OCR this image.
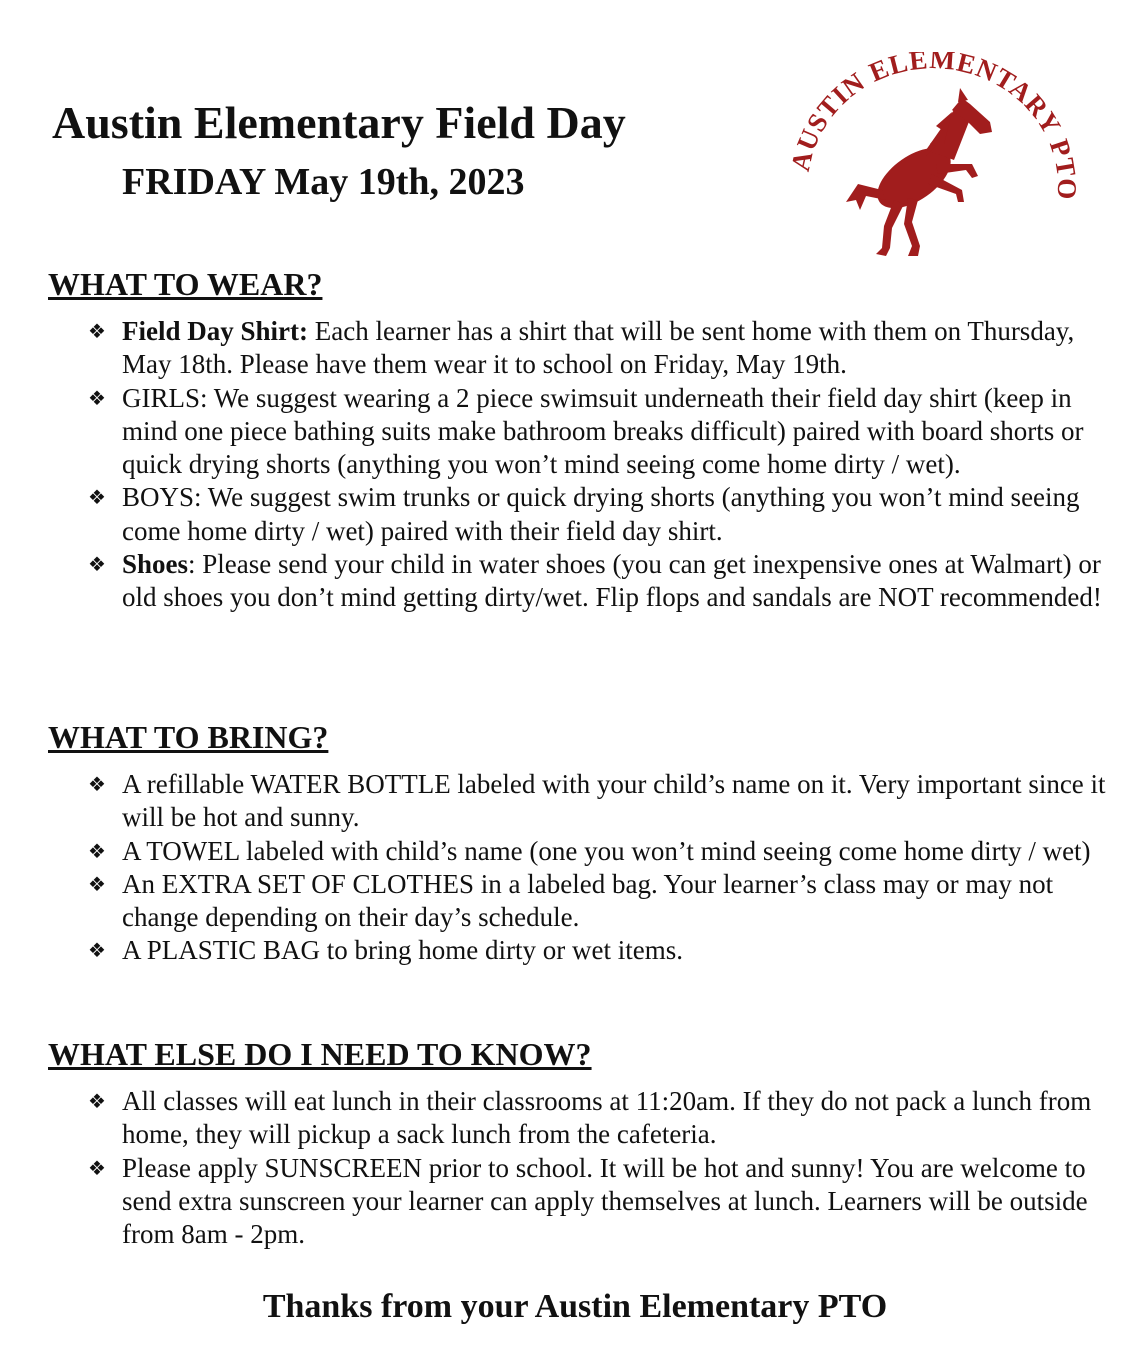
Austin Elementary Field Day
FRIDAY May 19th, 2023
AUSTIN ELEMENTARY P
WHAT TO WEAR?
❖ Field Day Shirt: Each learner has a shirt that will be sent home with them on Thursday, May 18th. Please have them wear it to school on Friday, May 19th.
❖ GIRLS: We suggest wearing a 2 piece swimsuit underneath their field day shirt (keep in mind one piece bathing suits make bathroom breaks difficult) paired with board shorts or quick drying shorts (anything you won’t mind seeing come home dirty / wet).
❖ BOYS: We suggest swim trunks or quick drying shorts (anything you won’t mind seeing come home dirty / wet) paired with their field day shirt.
❖ Shoes: Please send your child in water shoes (you can get inexpensive ones at Walmart) or old shoes you don’t mind getting dirty/wet. Flip flops and sandals are NOT recommended!
WHAT TO BRING?
❖ A refillable WATER BOTTLE labeled with your child’s name on it. Very important since it will be hot and sunny.
❖ A TOWEL labeled with child’s name (one you won’t mind seeing come home dirty / wet)
❖ An EXTRA SET OF CLOTHES in a labeled bag. Your learner’s class may or may not change depending on their day’s schedule.
❖ A PLASTIC BAG to bring home dirty or wet items.
WHAT ELSE DO I NEED TO KNOW?
❖ All classes will eat lunch in their classrooms at 11:20am. If they do not pack a lunch from home, they will pickup a sack lunch from the cafeteria.
❖ Please apply SUNSCREEN prior to school. It will be hot and sunny! You are welcome to send extra sunscreen your learner can apply themselves at lunch. Learners will be outside from 8am - 2pm.
Thanks from your Austin Elementary PTO
